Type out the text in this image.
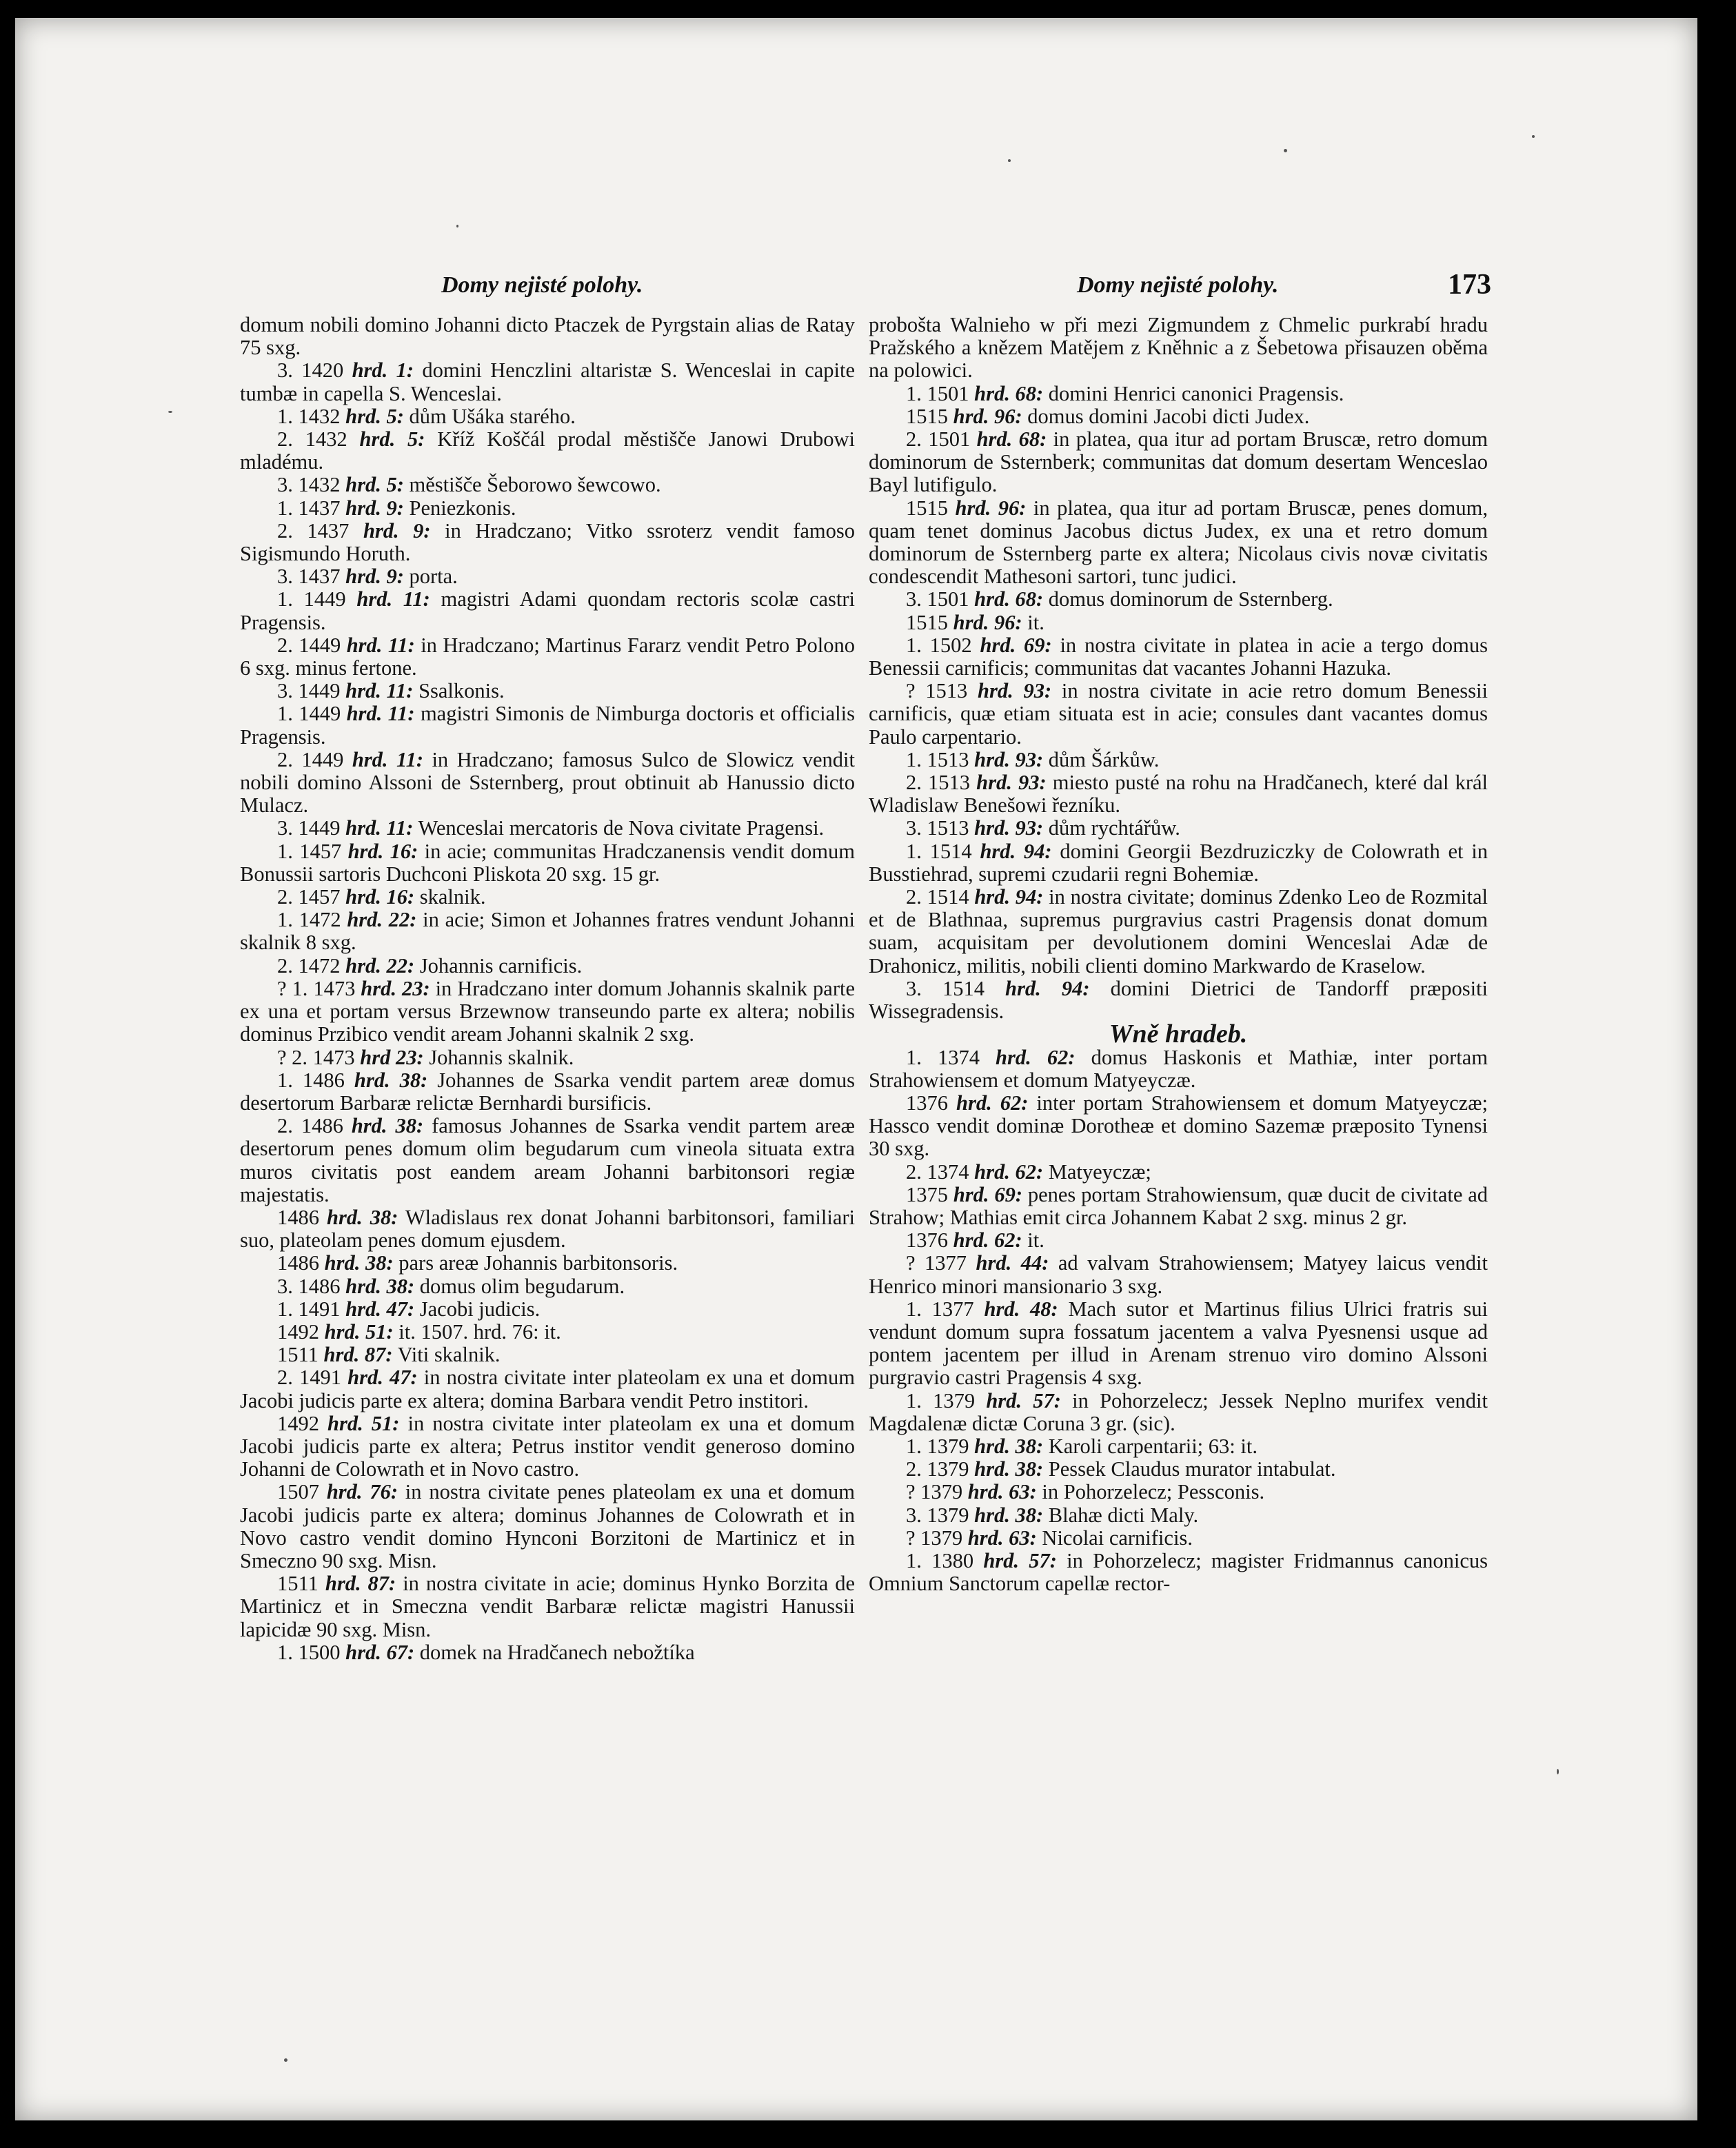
Domy nejisté polohy.	Domy nejisté polohy.	173

domum nobili domino Johanni dicto Ptaczek de Pyrgstain alias de Ratay 75 sxg.

3. 1420 hrd. 1: domini Henczlini altaristæ S. Wenceslai in capite tumbæ in capella S. Wenceslai.

1. 1432 hrd. 5: dům Ušáka starého.

2. 1432 hrd. 5: Kříž Koščál prodal městišče Janowi Drubowi mladému.

3. 1432 hrd. 5: městišče Šeborowo šewcowo.

1. 1437 hrd. 9: Peniezkonis.

2. 1437 hrd. 9: in Hradczano; Vitko ssroterz vendit famoso Sigismundo Horuth.

3. 1437 hrd. 9: porta.

1. 1449 hrd. 11: magistri Adami quondam rectoris scolæ castri Pragensis.

2. 1449 hrd. 11: in Hradczano; Martinus Fararz vendit Petro Polono 6 sxg. minus fertone.

3. 1449 hrd. 11: Ssalkonis.

1. 1449 hrd. 11: magistri Simonis de Nimburga doctoris et officialis Pragensis.

2. 1449 hrd. 11: in Hradczano; famosus Sulco de Slowicz vendit nobili domino Alssoni de Ssternberg, prout obtinuit ab Hanussio dicto Mulacz.

3. 1449 hrd. 11: Wenceslai mercatoris de Nova civitate Pragensi.

1. 1457 hrd. 16: in acie; communitas Hradczanensis vendit domum Bonussii sartoris Duchconi Pliskota 20 sxg. 15 gr.

2. 1457 hrd. 16: skalnik.

1. 1472 hrd. 22: in acie; Simon et Johannes fratres vendunt Johanni skalnik 8 sxg.

2. 1472 hrd. 22: Johannis carnificis.

? 1. 1473 hrd. 23: in Hradczano inter domum Johannis skalnik parte ex una et portam versus Brzewnow transeundo parte ex altera; nobilis dominus Przibico vendit aream Johanni skalnik 2 sxg.

? 2. 1473 hrd 23: Johannis skalnik.

1. 1486 hrd. 38: Johannes de Ssarka vendit partem areæ domus desertorum Barbaræ relictæ Bernhardi bursificis.

2. 1486 hrd. 38: famosus Johannes de Ssarka vendit partem areæ desertorum penes domum olim begudarum cum vineola situata extra muros civitatis post eandem aream Johanni barbitonsori regiæ majestatis.

1486 hrd. 38: Wladislaus rex donat Johanni barbitonsori, familiari suo, plateolam penes domum ejusdem.

1486 hrd. 38: pars areæ Johannis barbitonsoris.

3. 1486 hrd. 38: domus olim begudarum.

1. 1491 hrd. 47: Jacobi judicis.

1492 hrd. 51: it. 1507. hrd. 76: it.

1511 hrd. 87: Viti skalnik.

2. 1491 hrd. 47: in nostra civitate inter plateolam ex una et domum Jacobi judicis parte ex altera; domina Barbara vendit Petro institori.

1492 hrd. 51: in nostra civitate inter plateolam ex una et domum Jacobi judicis parte ex altera; Petrus institor vendit generoso domino Johanni de Colowrath et in Novo castro.

1507 hrd. 76: in nostra civitate penes plateolam ex una et domum Jacobi judicis parte ex altera; dominus Johannes de Colowrath et in Novo castro vendit domino Hynconi Borzitoni de Martinicz et in Smeczno 90 sxg. Misn.

1511 hrd. 87: in nostra civitate in acie; dominus Hynko Borzita de Martinicz et in Smeczna vendit Barbaræ relictæ magistri Hanussii lapicidæ 90 sxg. Misn.

1. 1500 hrd. 67: domek na Hradčanech nebožtíka

probošta Walnieho w při mezi Zigmundem z Chmelic purkrabí hradu Pražského a knězem Matějem z Kněhnic a z Šebetowa přisauzen oběma na polowici.

1. 1501 hrd. 68: domini Henrici canonici Pragensis.

1515 hrd. 96: domus domini Jacobi dicti Judex.

2. 1501 hrd. 68: in platea, qua itur ad portam Bruscæ, retro domum dominorum de Ssternberk; communitas dat domum desertam Wenceslao Bayl lutifigulo.

1515 hrd. 96: in platea, qua itur ad portam Bruscæ, penes domum, quam tenet dominus Jacobus dictus Judex, ex una et retro domum dominorum de Ssternberg parte ex altera; Nicolaus civis novæ civitatis condescendit Mathesoni sartori, tunc judici.

3. 1501 hrd. 68: domus dominorum de Ssternberg.

1515 hrd. 96: it.

1. 1502 hrd. 69: in nostra civitate in platea in acie a tergo domus Benessii carnificis; communitas dat vacantes Johanni Hazuka.

? 1513 hrd. 93: in nostra civitate in acie retro domum Benessii carnificis, quæ etiam situata est in acie; consules dant vacantes domus Paulo carpentario.

1. 1513 hrd. 93: dům Šárkůw.

2. 1513 hrd. 93: miesto pusté na rohu na Hradčanech, které dal král Wladislaw Benešowi řezníku.

3. 1513 hrd. 93: dům rychtářůw.

1. 1514 hrd. 94: domini Georgii Bezdruziczky de Colowrath et in Busstiehrad, supremi czudarii regni Bohemiæ.

2. 1514 hrd. 94: in nostra civitate; dominus Zdenko Leo de Rozmital et de Blathnaa, supremus purgravius castri Pragensis donat domum suam, acquisitam per devolutionem domini Wenceslai Adæ de Drahonicz, militis, nobili clienti domino Markwardo de Kraselow.

3. 1514 hrd. 94: domini Dietrici de Tandorff præpositi Wissegradensis.

Wně hradeb.

1. 1374 hrd. 62: domus Haskonis et Mathiæ, inter portam Strahowiensem et domum Matyeyczæ.

1376 hrd. 62: inter portam Strahowiensem et domum Matyeyczæ; Hassco vendit dominæ Dorotheæ et domino Sazemæ præposito Tynensi 30 sxg.

2. 1374 hrd. 62: Matyeyczæ;

1375 hrd. 69: penes portam Strahowiensum, quæ ducit de civitate ad Strahow; Mathias emit circa Johannem Kabat 2 sxg. minus 2 gr.

1376 hrd. 62: it.

? 1377 hrd. 44: ad valvam Strahowiensem; Matyey laicus vendit Henrico minori mansionario 3 sxg.

1. 1377 hrd. 48: Mach sutor et Martinus filius Ulrici fratris sui vendunt domum supra fossatum jacentem a valva Pyesnensi usque ad pontem jacentem per illud in Arenam strenuo viro domino Alssoni purgravio castri Pragensis 4 sxg.

1. 1379 hrd. 57: in Pohorzelecz; Jessek Neplno murifex vendit Magdalenæ dictæ Coruna 3 gr. (sic).

1. 1379 hrd. 38: Karoli carpentarii; 63: it.

2. 1379 hrd. 38: Pessek Claudus murator intabulat.

? 1379 hrd. 63: in Pohorzelecz; Pessconis.

3. 1379 hrd. 38: Blahæ dicti Maly.

? 1379 hrd. 63: Nicolai carnificis.

1. 1380 hrd. 57: in Pohorzelecz; magister Fridmannus canonicus Omnium Sanctorum capellæ rector-
